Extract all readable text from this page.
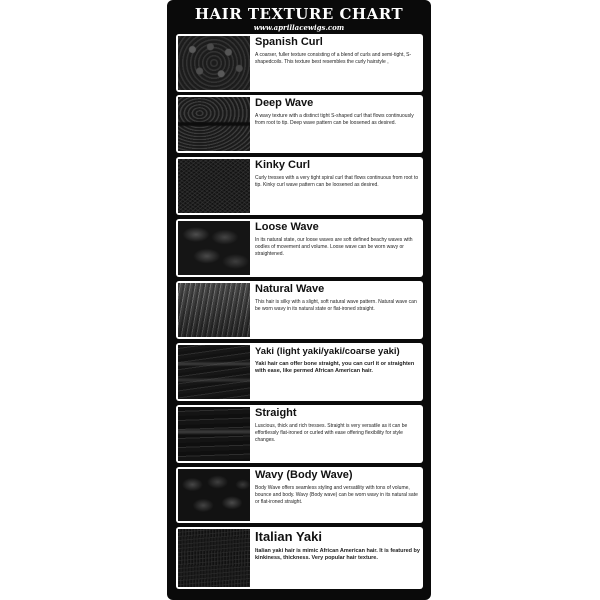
HAIR TEXTURE CHART
www.aprillacewigs.com
Spanish Curl
A coarser, fuller texture consisting of a blend of curls and semi-tight, S-shapedcoils. This texture best resembles the curly hairstyle ,
Deep Wave
A wavy texture with a distinct tight S-shaped curl that flows continuously from root to tip. Deep wave pattern can be loosened as desired.
Kinky Curl
Curly tresses with a very tight spiral curl that flows continuous from root to tip. Kinky curl wave pattern can be loosened as desired.
Loose Wave
In its natural state, our loose waves are soft defined beachy waves with oodles of movement and volume. Loose wave can be worn wavy or straightened.
Natural Wave
This hair is silky with a slight, soft natural wave pattern. Natural wave can be worn wavy in its natural state or flat-ironed straight.
Yaki (light yaki/yaki/coarse yaki)
Yaki hair can offer bone straight, you can curl it or straighten with ease, like permed African American hair.
Straight
Luscious, thick and rich tresses. Straight is very versatile as it can be effortlessly flat-ironed or curled with ease offering flexibility for style changes.
Wavy (Body Wave)
Body Wave offers seamless styling and versatility with tons of volume, bounce and body. Wavy (Body wave) can be worn wavy in its natural sate or flat-ironed straight.
Italian Yaki
Italian yaki hair is mimic African American hair. It is featured by kinkiness, thickness. Very popular hair texture.
